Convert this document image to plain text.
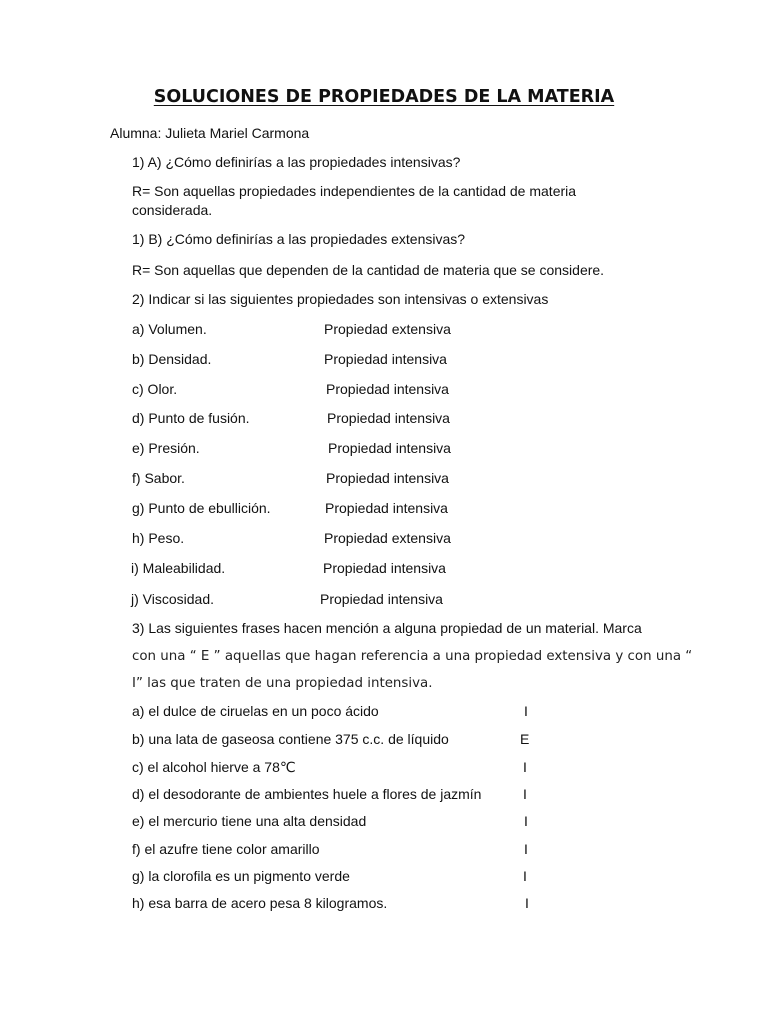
SOLUCIONES DE PROPIEDADES DE LA MATERIA
Alumna: Julieta Mariel Carmona
1) A) ¿Cómo definirías a las propiedades intensivas?
R= Son aquellas propiedades independientes de la cantidad de materia
considerada.
1) B) ¿Cómo definirías a las propiedades extensivas?
R= Son aquellas que dependen de la cantidad de materia que se considere.
2) Indicar si las siguientes propiedades son intensivas o extensivas
a) Volumen.	Propiedad extensiva
b) Densidad.	Propiedad intensiva
c) Olor.	Propiedad intensiva
d) Punto de fusión.	Propiedad intensiva
e) Presión.	Propiedad intensiva
f) Sabor.	Propiedad intensiva
g) Punto de ebullición.	Propiedad intensiva
h) Peso.	Propiedad extensiva
i) Maleabilidad.	Propiedad intensiva
j) Viscosidad.	Propiedad intensiva
3) Las siguientes frases hacen mención a alguna propiedad de un material. Marca
con una “ E ” aquellas que hagan referencia a una propiedad extensiva y con una “
I” las que traten de una propiedad intensiva.
a) el dulce de ciruelas en un poco ácido	I
b) una lata de gaseosa contiene 375 c.c. de líquido	E
c) el alcohol hierve a 78℃	I
d) el desodorante de ambientes huele a flores de jazmín	I
e) el mercurio tiene una alta densidad	I
f) el azufre tiene color amarillo	I
g) la clorofila es un pigmento verde	I
h) esa barra de acero pesa 8 kilogramos.	I
